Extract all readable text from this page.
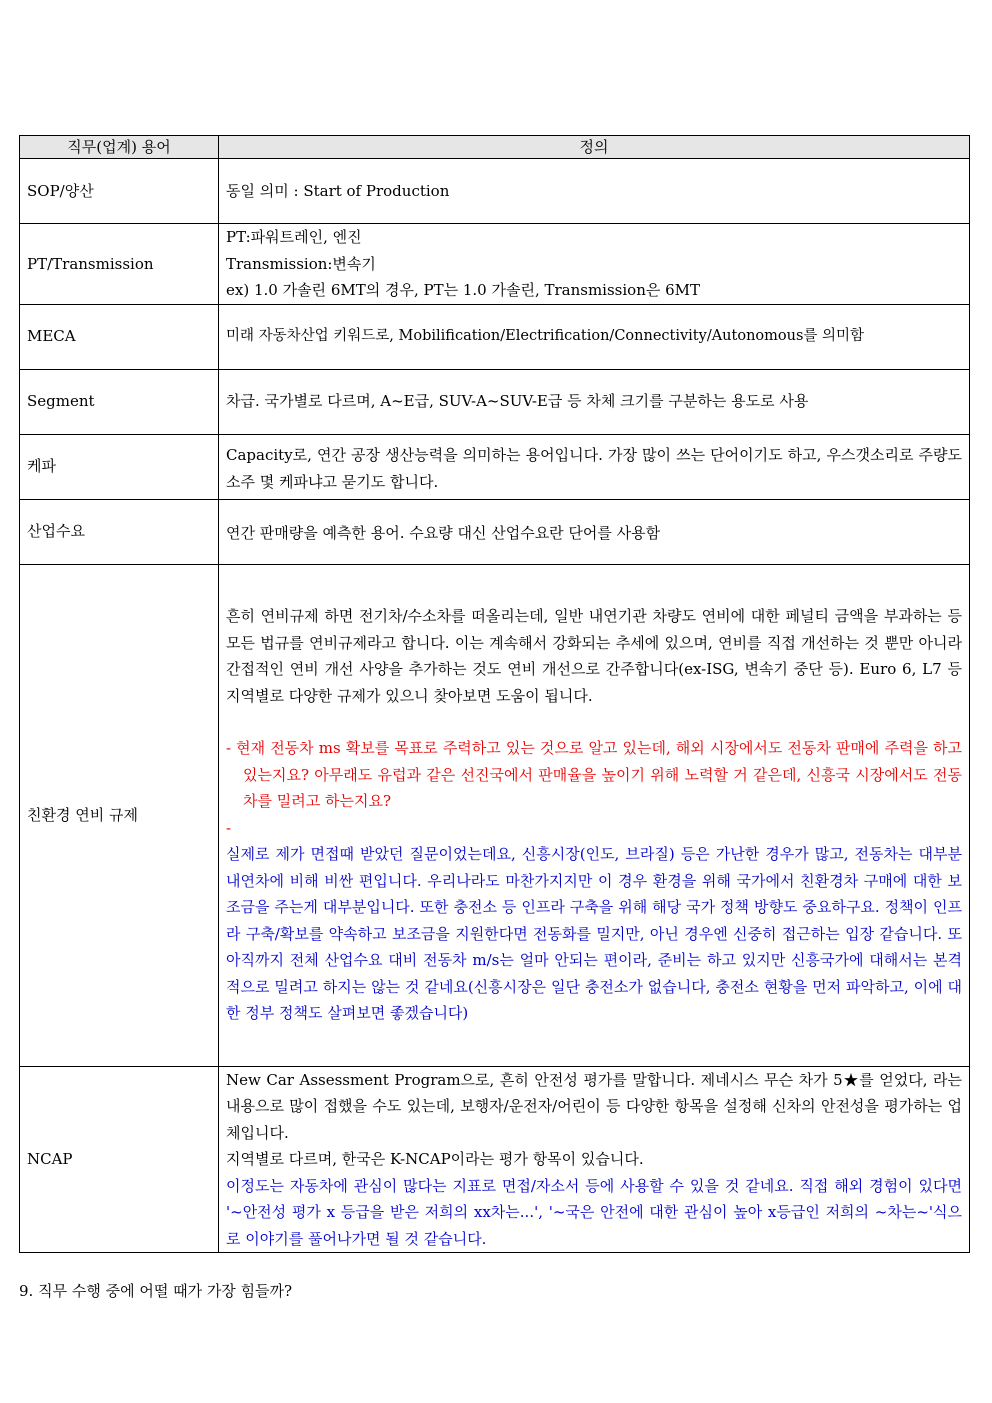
직무(업계) 용어	정의
SOP/양산	동일 의미 : Start of Production

PT/Transmission	PT:파워트레인, 엔진

Transmission:변속기

ex) 1.0 가솔린 6MT의 경우, PT는 1.0 가솔린, Transmission은 6MT

MECA	미래 자동차산업 키워드로, Mobilification/Electrification/Connectivity/Autonomous를 의미함

Segment	차급. 국가별로 다르며, A~E급, SUV-A~SUV-E급 등 차체 크기를 구분하는 용도로 사용

케파	Capacity로, 연간 공장 생산능력을 의미하는 용어입니다. 가장 많이 쓰는 단어이기도 하고, 우스갯소리로 주량도 소주 몇 케파냐고 묻기도 합니다.

산업수요	연간 판매량을 예측한 용어. 수요량 대신 산업수요란 단어를 사용함

친환경 연비 규제	흔히 연비규제 하면 전기차/수소차를 떠올리는데, 일반 내연기관 차량도 연비에 대한 페널티 금액을 부과하는 등 모든 법규를 연비규제라고 합니다. 이는 계속해서 강화되는 추세에 있으며, 연비를 직접 개선하는 것 뿐만 아니라 간접적인 연비 개선 사양을 추가하는 것도 연비 개선으로 간주합니다(ex-ISG, 변속기 중단 등). Euro 6, L7 등 지역별로 다양한 규제가 있으니 찾아보면 도움이 됩니다.

- 현재 전동차 ms 확보를 목표로 주력하고 있는 것으로 알고 있는데, 해외 시장에서도 전동차 판매에 주력을 하고 있는지요? 아무래도 유럽과 같은 선진국에서 판매율을 높이기 위해 노력할 거 같은데, 신흥국 시장에서도 전동차를 밀려고 하는지요?

-

실제로 제가 면접때 받았던 질문이었는데요, 신흥시장(인도, 브라질) 등은 가난한 경우가 많고, 전동차는 대부분 내연차에 비해 비싼 편입니다. 우리나라도 마찬가지지만 이 경우 환경을 위해 국가에서 친환경차 구매에 대한 보조금을 주는게 대부분입니다. 또한 충전소 등 인프라 구축을 위해 해당 국가 정책 방향도 중요하구요. 정책이 인프라 구축/확보를 약속하고 보조금을 지원한다면 전동화를 밀지만, 아닌 경우엔 신중히 접근하는 입장 같습니다. 또 아직까지 전체 산업수요 대비 전동차 m/s는 얼마 안되는 편이라, 준비는 하고 있지만 신흥국가에 대해서는 본격적으로 밀려고 하지는 않는 것 같네요(신흥시장은 일단 충전소가 없습니다, 충전소 현황을 먼저 파악하고, 이에 대한 정부 정책도 살펴보면 좋겠습니다)

NCAP	New Car Assessment Program으로, 흔히 안전성 평가를 말합니다. 제네시스 무슨 차가 5★를 얻었다, 라는 내용으로 많이 접했을 수도 있는데, 보행자/운전자/어린이 등 다양한 항목을 설정해 신차의 안전성을 평가하는 업체입니다.

지역별로 다르며, 한국은 K-NCAP이라는 평가 항목이 있습니다.

이정도는 자동차에 관심이 많다는 지표로 면접/자소서 등에 사용할 수 있을 것 같네요. 직접 해외 경험이 있다면 '~안전성 평가 x 등급을 받은 저희의 xx차는...', '~국은 안전에 대한 관심이 높아 x등급인 저희의 ~차는~'식으로 이야기를 풀어나가면 될 것 같습니다.

9. 직무 수행 중에 어떨 때가 가장 힘들까?
